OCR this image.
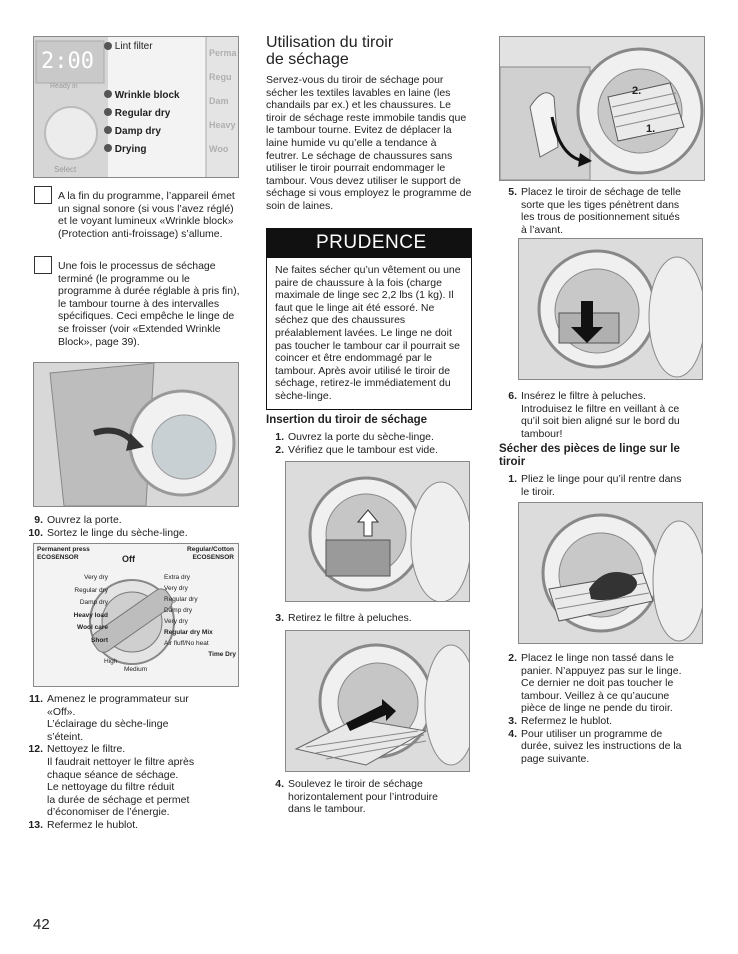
2:00
Ready in
Select
Lint filter
Wrinkle block
Regular dry
Damp dry
Drying
Perma
Regu
Dam
Heavy
Woo
A la fin du programme, l’appareil émet un signal sonore (si vous l’avez réglé) et le voyant lumineux «Wrinkle block» (Protection anti-froissage) s’allume.
Une fois le processus de séchage terminé (le programme ou le programme à durée réglable à pris fin), le tambour tourne à des intervalles spécifiques. Ceci empêche le linge de se froisser (voir «Extended Wrinkle Block», page 39).
9. Ouvrez la porte.
10. Sortez le linge du sèche-linge.
Off
Permanent press
ECOSENSOR
Regular/Cotton
ECOSENSOR
Very dry
Regular dry
Damp dry
Heavy load
Wool care
Short
Extra dry
Very dry
Regular dry
Damp dry
Very dry
Regular dry Mix
Air fluff/No heat
Time Dry
High
Medium
11. Amenez le programmateur sur
«Off».
L’éclairage du sèche-linge
s’éteint.
12. Nettoyez le filtre.
Il faudrait nettoyer le filtre après
chaque séance de séchage.
Le nettoyage du filtre réduit
la durée de séchage et permet
d’économiser de l’énergie.
13. Refermez le hublot.
42
Utilisation du tiroir
de séchage
Servez-vous du tiroir de séchage pour sécher les textiles lavables en laine (les chandails par ex.) et les chaussures. Le tiroir de séchage reste immobile tandis que le tambour tourne. Evitez de déplacer la laine humide vu qu’elle a tendance à feutrer. Le séchage de chaussures sans utiliser le tiroir pourrait endommager le tambour. Vous devez utiliser le support de séchage si vous employez le programme de soin de laines.
PRUDENCE
Ne faites sécher qu’un vêtement ou une paire de chaussure à la fois (charge maximale de linge sec 2,2 lbs (1 kg). Il faut que le linge ait été essoré. Ne séchez que des chaussures préalablement lavées. Le linge ne doit pas toucher le tambour car il pourrait se coincer et être endommagé par le tambour. Après avoir utilisé le tiroir de séchage, retirez-le immédiatement du sèche-linge.
Insertion du tiroir de séchage
1. Ouvrez la porte du sèche-linge.
2. Vérifiez que le tambour est vide.
3. Retirez le filtre à peluches.
4. Soulevez le tiroir de séchage
horizontalement pour l’introduire
dans le tambour.
2.
1.
5. Placez le tiroir de séchage de telle
sorte que les tiges pénètrent dans
les trous de positionnement situés
à l’avant.
6. Insérez le filtre à peluches.
Introduisez le filtre en veillant à ce
qu’il soit bien aligné sur le bord du
tambour!
Sécher des pièces de linge sur le tiroir
1. Pliez le linge pour qu’il rentre dans
le tiroir.
2. Placez le linge non tassé dans le
panier. N’appuyez pas sur le linge.
Ce dernier ne doit pas toucher le
tambour. Veillez à ce qu’aucune
pièce de linge ne pende du tiroir.
3. Refermez le hublot.
4. Pour utiliser un programme de
durée, suivez les instructions de la
page suivante.
